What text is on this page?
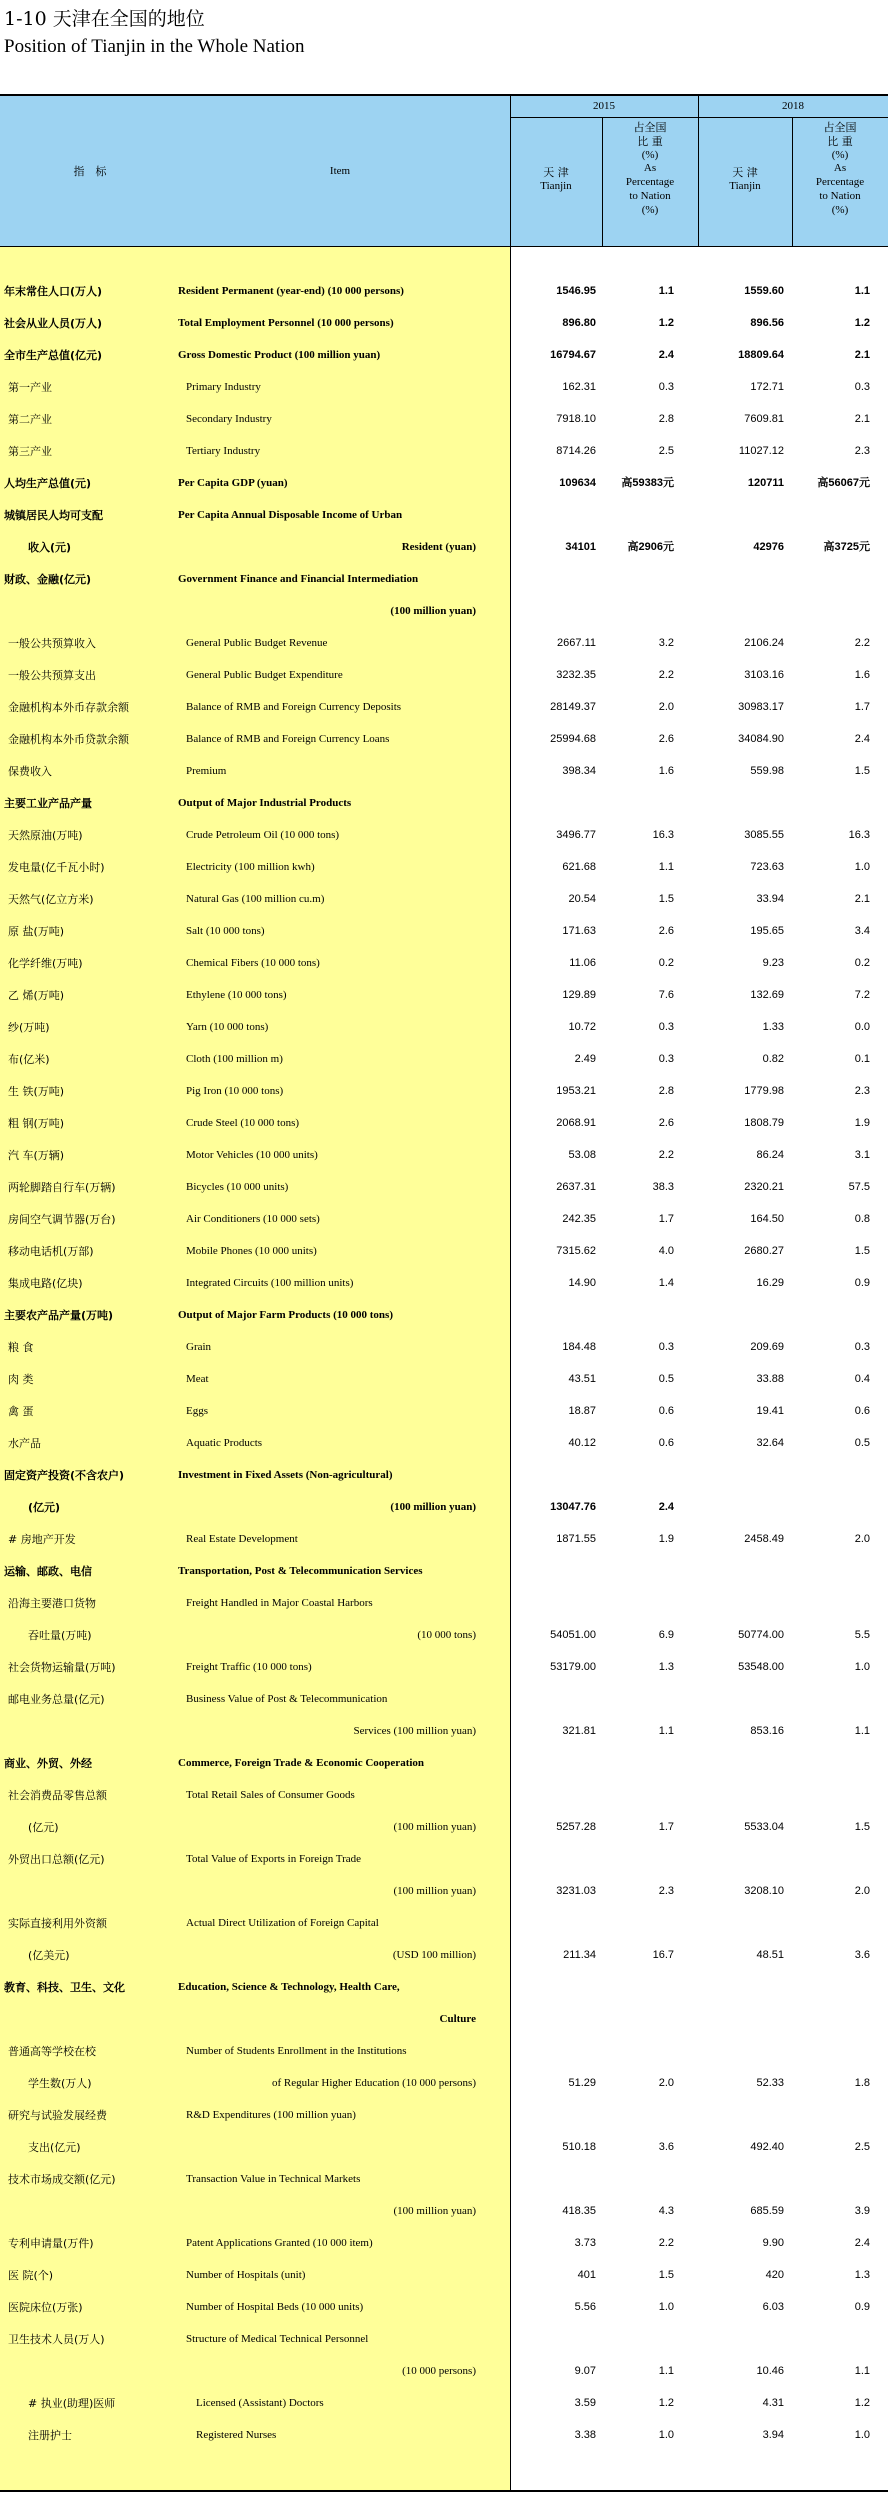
1-10 天津在全国的地位
Position of Tianjin in the Whole Nation
指　标	Item
2015	2018
天 津
Tianjin
天 津
Tianjin
占全国
比 重
(%)
As
Percentage
to Nation
(%)
占全国
比 重
(%)
As
Percentage
to Nation
(%)
年末常住人口(万人)	Resident Permanent (year-end) (10 000 persons)	1546.95	1.1	1559.60	1.1
社会从业人员(万人)	Total Employment Personnel (10 000 persons)	896.80	1.2	896.56	1.2
全市生产总值(亿元)	Gross Domestic Product (100 million yuan)	16794.67	2.4	18809.64	2.1
第一产业	Primary Industry	162.31	0.3	172.71	0.3
第二产业	Secondary Industry	7918.10	2.8	7609.81	2.1
第三产业	Tertiary Industry	8714.26	2.5	11027.12	2.3
人均生产总值(元)	Per Capita GDP (yuan)	109634	高59383元	120711	高56067元
城镇居民人均可支配	Per Capita Annual Disposable Income of Urban
收入(元)	Resident (yuan)	34101	高2906元	42976	高3725元
财政、金融(亿元)	Government Finance and Financial Intermediation
(100 million yuan)
一般公共预算收入	General Public Budget Revenue	2667.11	3.2	2106.24	2.2
一般公共预算支出	General Public Budget Expenditure	3232.35	2.2	3103.16	1.6
金融机构本外币存款余额	Balance of RMB and Foreign Currency Deposits	28149.37	2.0	30983.17	1.7
金融机构本外币贷款余额	Balance of RMB and Foreign Currency Loans	25994.68	2.6	34084.90	2.4
保费收入	Premium	398.34	1.6	559.98	1.5
主要工业产品产量	Output of Major Industrial Products
天然原油(万吨)	Crude Petroleum Oil (10 000 tons)	3496.77	16.3	3085.55	16.3
发电量(亿千瓦小时)	Electricity (100 million kwh)	621.68	1.1	723.63	1.0
天然气(亿立方米)	Natural Gas (100 million cu.m)	20.54	1.5	33.94	2.1
原 盐(万吨)	Salt (10 000 tons)	171.63	2.6	195.65	3.4
化学纤维(万吨)	Chemical Fibers (10 000 tons)	11.06	0.2	9.23	0.2
乙 烯(万吨)	Ethylene (10 000 tons)	129.89	7.6	132.69	7.2
纱(万吨)	Yarn (10 000 tons)	10.72	0.3	1.33	0.0
布(亿米)	Cloth (100 million m)	2.49	0.3	0.82	0.1
生 铁(万吨)	Pig Iron (10 000 tons)	1953.21	2.8	1779.98	2.3
粗 钢(万吨)	Crude Steel (10 000 tons)	2068.91	2.6	1808.79	1.9
汽 车(万辆)	Motor Vehicles (10 000 units)	53.08	2.2	86.24	3.1
两轮脚踏自行车(万辆)	Bicycles (10 000 units)	2637.31	38.3	2320.21	57.5
房间空气调节器(万台)	Air Conditioners (10 000 sets)	242.35	1.7	164.50	0.8
移动电话机(万部)	Mobile Phones (10 000 units)	7315.62	4.0	2680.27	1.5
集成电路(亿块)	Integrated Circuits (100 million units)	14.90	1.4	16.29	0.9
主要农产品产量(万吨)	Output of Major Farm Products (10 000 tons)
粮 食	Grain	184.48	0.3	209.69	0.3
肉 类	Meat	43.51	0.5	33.88	0.4
禽 蛋	Eggs	18.87	0.6	19.41	0.6
水产品	Aquatic Products	40.12	0.6	32.64	0.5
固定资产投资(不含农户)	Investment in Fixed Assets (Non-agricultural)
(亿元)	(100 million yuan)	13047.76	2.4
# 房地产开发	Real Estate Development	1871.55	1.9	2458.49	2.0
运输、邮政、电信	Transportation, Post & Telecommunication Services
沿海主要港口货物	Freight Handled in Major Coastal Harbors
吞吐量(万吨)	(10 000 tons)	54051.00	6.9	50774.00	5.5
社会货物运输量(万吨)	Freight Traffic (10 000 tons)	53179.00	1.3	53548.00	1.0
邮电业务总量(亿元)	Business Value of Post & Telecommunication
Services (100 million yuan)	321.81	1.1	853.16	1.1
商业、外贸、外经	Commerce, Foreign Trade & Economic Cooperation
社会消费品零售总额	Total Retail Sales of Consumer Goods
(亿元)	(100 million yuan)	5257.28	1.7	5533.04	1.5
外贸出口总额(亿元)	Total Value of Exports in Foreign Trade
(100 million yuan)	3231.03	2.3	3208.10	2.0
实际直接利用外资额	Actual Direct Utilization of Foreign Capital
(亿美元)	(USD 100 million)	211.34	16.7	48.51	3.6
教育、科技、卫生、文化	Education, Science & Technology, Health Care,
Culture
普通高等学校在校	Number of Students Enrollment in the Institutions
学生数(万人)	of Regular Higher Education (10 000 persons)	51.29	2.0	52.33	1.8
研究与试验发展经费	R&D Expenditures (100 million yuan)
支出(亿元)	510.18	3.6	492.40	2.5
技术市场成交额(亿元)	Transaction Value in Technical Markets
(100 million yuan)	418.35	4.3	685.59	3.9
专利申请量(万件)	Patent Applications Granted (10 000 item)	3.73	2.2	9.90	2.4
医 院(个)	Number of Hospitals (unit)	401	1.5	420	1.3
医院床位(万张)	Number of Hospital Beds (10 000 units)	5.56	1.0	6.03	0.9
卫生技术人员(万人)	Structure of Medical Technical Personnel
(10 000 persons)	9.07	1.1	10.46	1.1
# 执业(助理)医师	Licensed (Assistant) Doctors	3.59	1.2	4.31	1.2
注册护士	Registered Nurses	3.38	1.0	3.94	1.0
